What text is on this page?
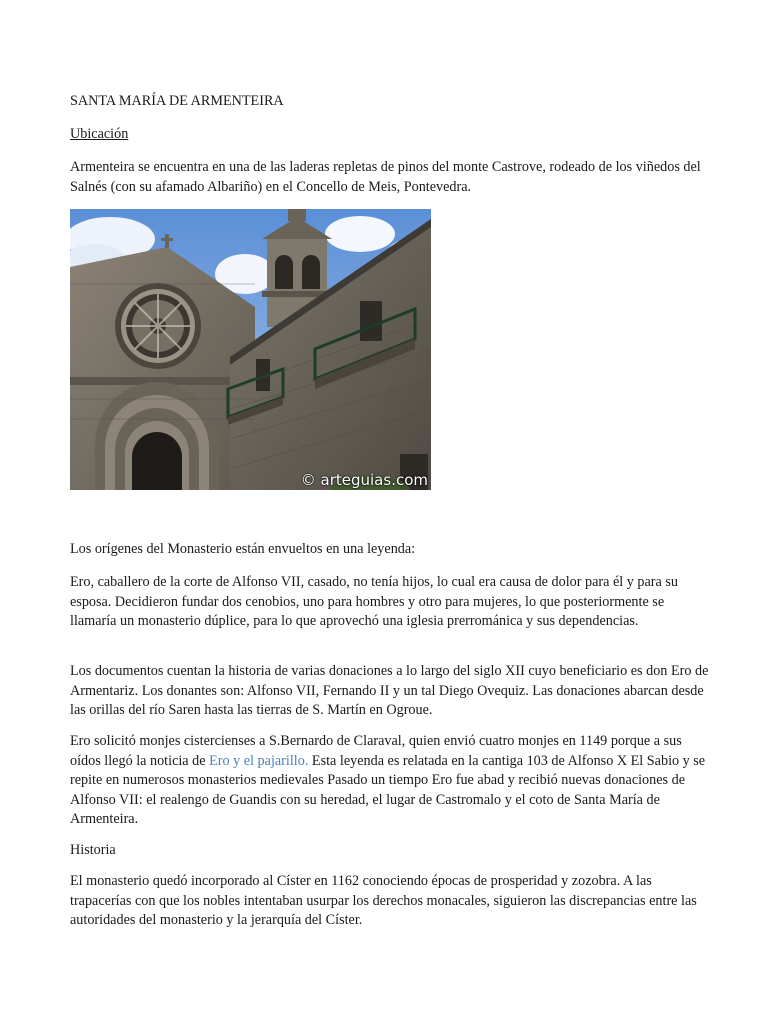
SANTA MARÍA DE ARMENTEIRA
Ubicación
Armenteira se encuentra en una de las laderas repletas de pinos del monte Castrove, rodeado de los viñedos del Salnés (con su afamado Albariño) en el Concello de Meis, Pontevedra.
© arteguias.com
Los orígenes del Monasterio están envueltos en una leyenda:
Ero, caballero de la corte de Alfonso VII, casado, no tenía hijos, lo cual era causa de dolor para él y para su esposa. Decidieron fundar dos cenobios, uno para hombres y otro para mujeres, lo que posteriormente se llamaría un monasterio dúplice, para lo que aprovechó una iglesia prerrománica y sus dependencias.
Los documentos cuentan la historia de varias donaciones a lo largo del siglo XII cuyo beneficiario es don Ero de Armentariz. Los donantes son: Alfonso VII, Fernando II y un tal Diego Ovequiz. Las donaciones abarcan desde las orillas del río Saren hasta las tierras de S. Martín en Ogroue.
Ero solicitó monjes cistercienses a S.Bernardo de Claraval, quien envió cuatro monjes en 1149 porque a sus oídos llegó la noticia de Ero y el pajarillo. Esta leyenda es relatada en la cantiga 103 de Alfonso X El Sabio y se repite en numerosos monasterios medievales Pasado un tiempo Ero fue abad y recibió nuevas donaciones de Alfonso VII: el realengo de Guandis con su heredad, el lugar de Castromalo y el coto de Santa María de Armenteira.
Historia
El monasterio quedó incorporado al Císter en 1162 conociendo épocas de prosperidad y zozobra. A las trapacerías con que los nobles intentaban usurpar los derechos monacales, siguieron las discrepancias entre las autoridades del monasterio y la jerarquía del Císter.
